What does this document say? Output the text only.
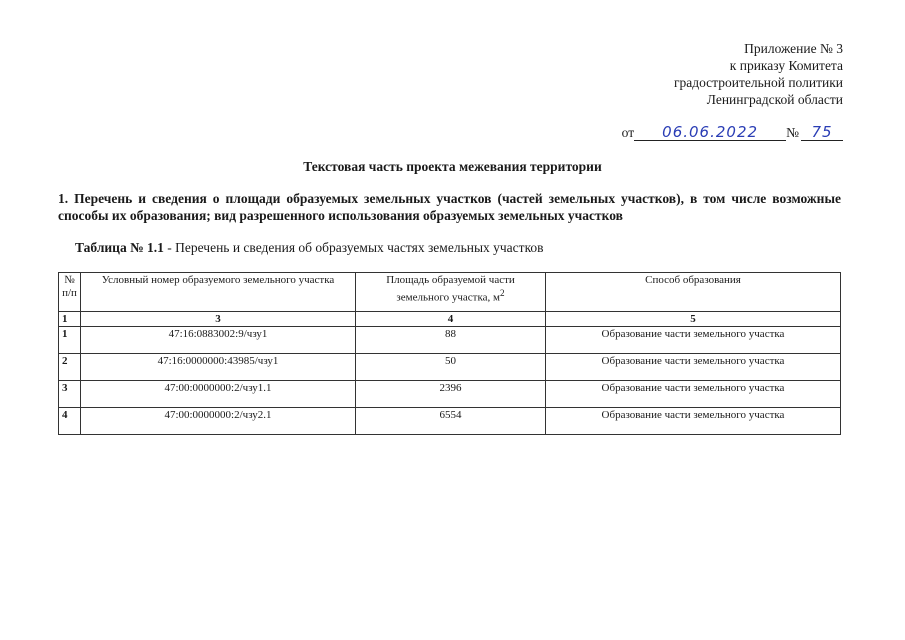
Приложение № 3
к приказу Комитета
градостроительной политики
Ленинградской области
от	06.06.2022	№ 75
Текстовая часть проекта межевания территории
1. Перечень и сведения о площади образуемых земельных участков (частей земельных участков), в том числе возможные способы их образования; вид разрешенного использования образуемых земельных участков
Таблица № 1.1 - Перечень и сведения об образуемых частях земельных участков
№ п/п	Условный номер образуемого земельного участка	Площадь образуемой части земельного участка, $м^2$	Способ образования
1	3	4	5
1	47:16:0883002:9/чзу1	88	Образование части земельного участка
2	47:16:0000000:43985/чзу1	50	Образование части земельного участка
3	47:00:0000000:2/чзу1.1	2396	Образование части земельного участка
4	47:00:0000000:2/чзу2.1	6554	Образование части земельного участка
